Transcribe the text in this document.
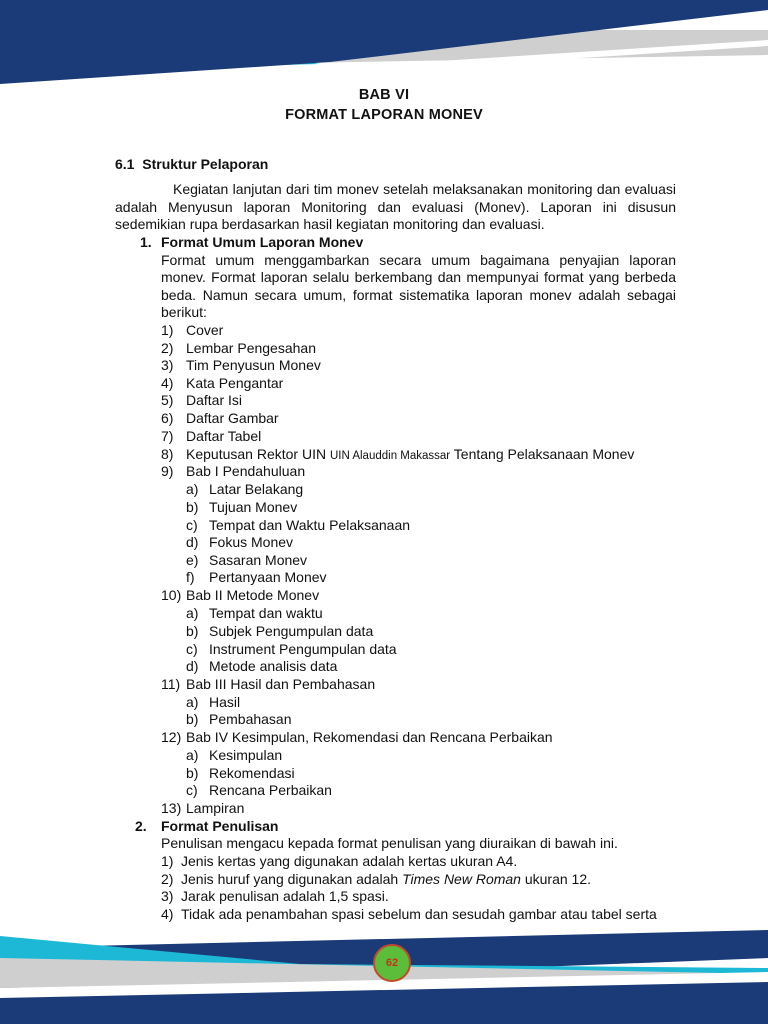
BAB VI
FORMAT LAPORAN MONEV
6.1 Struktur Pelaporan
Kegiatan lanjutan dari tim monev setelah melaksanakan monitoring dan evaluasi
adalah Menyusun laporan Monitoring dan evaluasi (Monev). Laporan ini disusun
sedemikian rupa berdasarkan hasil kegiatan monitoring dan evaluasi.
1. Format Umum Laporan Monev
Format umum menggambarkan secara umum bagaimana penyajian laporan
monev. Format laporan selalu berkembang dan mempunyai format yang berbeda
beda. Namun secara umum, format sistematika laporan monev adalah sebagai
berikut:
1) Cover
2) Lembar Pengesahan
3) Tim Penyusun Monev
4) Kata Pengantar
5) Daftar Isi
6) Daftar Gambar
7) Daftar Tabel
8) Keputusan Rektor UIN UIN Alauddin Makassar Tentang Pelaksanaan Monev
9) Bab I Pendahuluan
a) Latar Belakang
b) Tujuan Monev
c) Tempat dan Waktu Pelaksanaan
d) Fokus Monev
e) Sasaran Monev
f) Pertanyaan Monev
10) Bab II Metode Monev
a) Tempat dan waktu
b) Subjek Pengumpulan data
c) Instrument Pengumpulan data
d) Metode analisis data
11) Bab III Hasil dan Pembahasan
a) Hasil
b) Pembahasan
12) Bab IV Kesimpulan, Rekomendasi dan Rencana Perbaikan
a) Kesimpulan
b) Rekomendasi
c) Rencana Perbaikan
13) Lampiran
2. Format Penulisan
Penulisan mengacu kepada format penulisan yang diuraikan di bawah ini.
1) Jenis kertas yang digunakan adalah kertas ukuran A4.
2) Jenis huruf yang digunakan adalah Times New Roman ukuran 12.
3) Jarak penulisan adalah 1,5 spasi.
4) Tidak ada penambahan spasi sebelum dan sesudah gambar atau tabel serta
62
